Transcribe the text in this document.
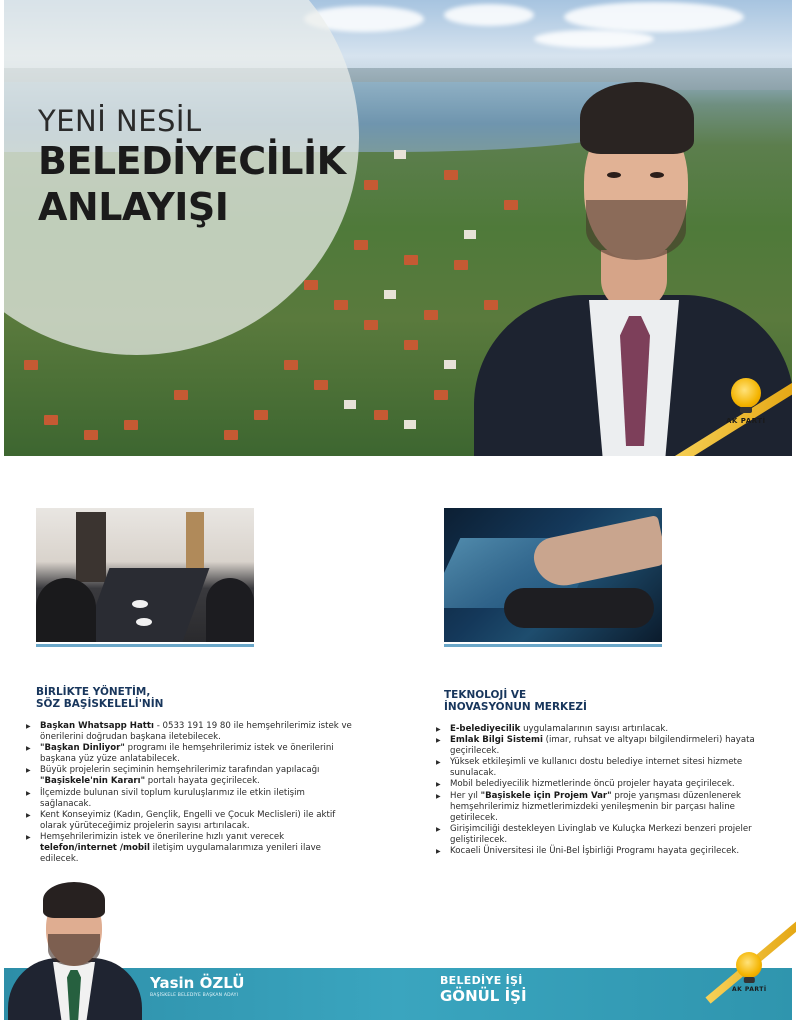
YENİ NESİL
BELEDİYECİLİK
ANLAYIŞI
AK PARTİ
BİRLİKTE YÖNETİM,
SÖZ BAŞİSKELELİ'NİN
▶ Başkan Whatsapp Hattı - 0533 191 19 80 ile hemşehrilerimiz istek ve önerilerini doğrudan başkana iletebilecek.
▶ "Başkan Dinliyor" programı ile hemşehrilerimiz istek ve önerilerini başkana yüz yüze anlatabilecek.
▶ Büyük projelerin seçiminin hemşehrilerimiz tarafından yapılacağı "Başiskele'nin Kararı" portalı hayata geçirilecek.
▶ İlçemizde bulunan sivil toplum kuruluşlarımız ile etkin iletişim sağlanacak.
▶ Kent Konseyimiz (Kadın, Gençlik, Engelli ve Çocuk Meclisleri) ile aktif olarak yürüteceğimiz projelerin sayısı artırılacak.
▶ Hemşehrilerimizin istek ve önerilerine hızlı yanıt verecek telefon/internet /mobil iletişim uygulamalarımıza yenileri ilave edilecek.
TEKNOLOJİ VE
İNOVASYONUN MERKEZİ
▶ E-belediyecilik uygulamalarının sayısı artırılacak.
▶ Emlak Bilgi Sistemi (imar, ruhsat ve altyapı bilgilendirmeleri) hayata geçirilecek.
▶ Yüksek etkileşimli ve kullanıcı dostu belediye internet sitesi hizmete sunulacak.
▶ Mobil belediyecilik hizmetlerinde öncü projeler hayata geçirilecek.
▶ Her yıl "Başiskele için Projem Var" proje yarışması düzenlenerek hemşehrilerimiz hizmetlerimizdeki yenileşmenin bir parçası haline getirilecek.
▶ Girişimciliği destekleyen Livinglab ve Kuluçka Merkezi benzeri projeler geliştirilecek.
▶ Kocaeli Üniversitesi ile Üni-Bel İşbirliği Programı hayata geçirilecek.
Yasin ÖZLÜ
BAŞİSKELE BELEDİYE BAŞKAN ADAYI
BELEDİYE İŞİ
GÖNÜL İŞİ	AK PARTİ
